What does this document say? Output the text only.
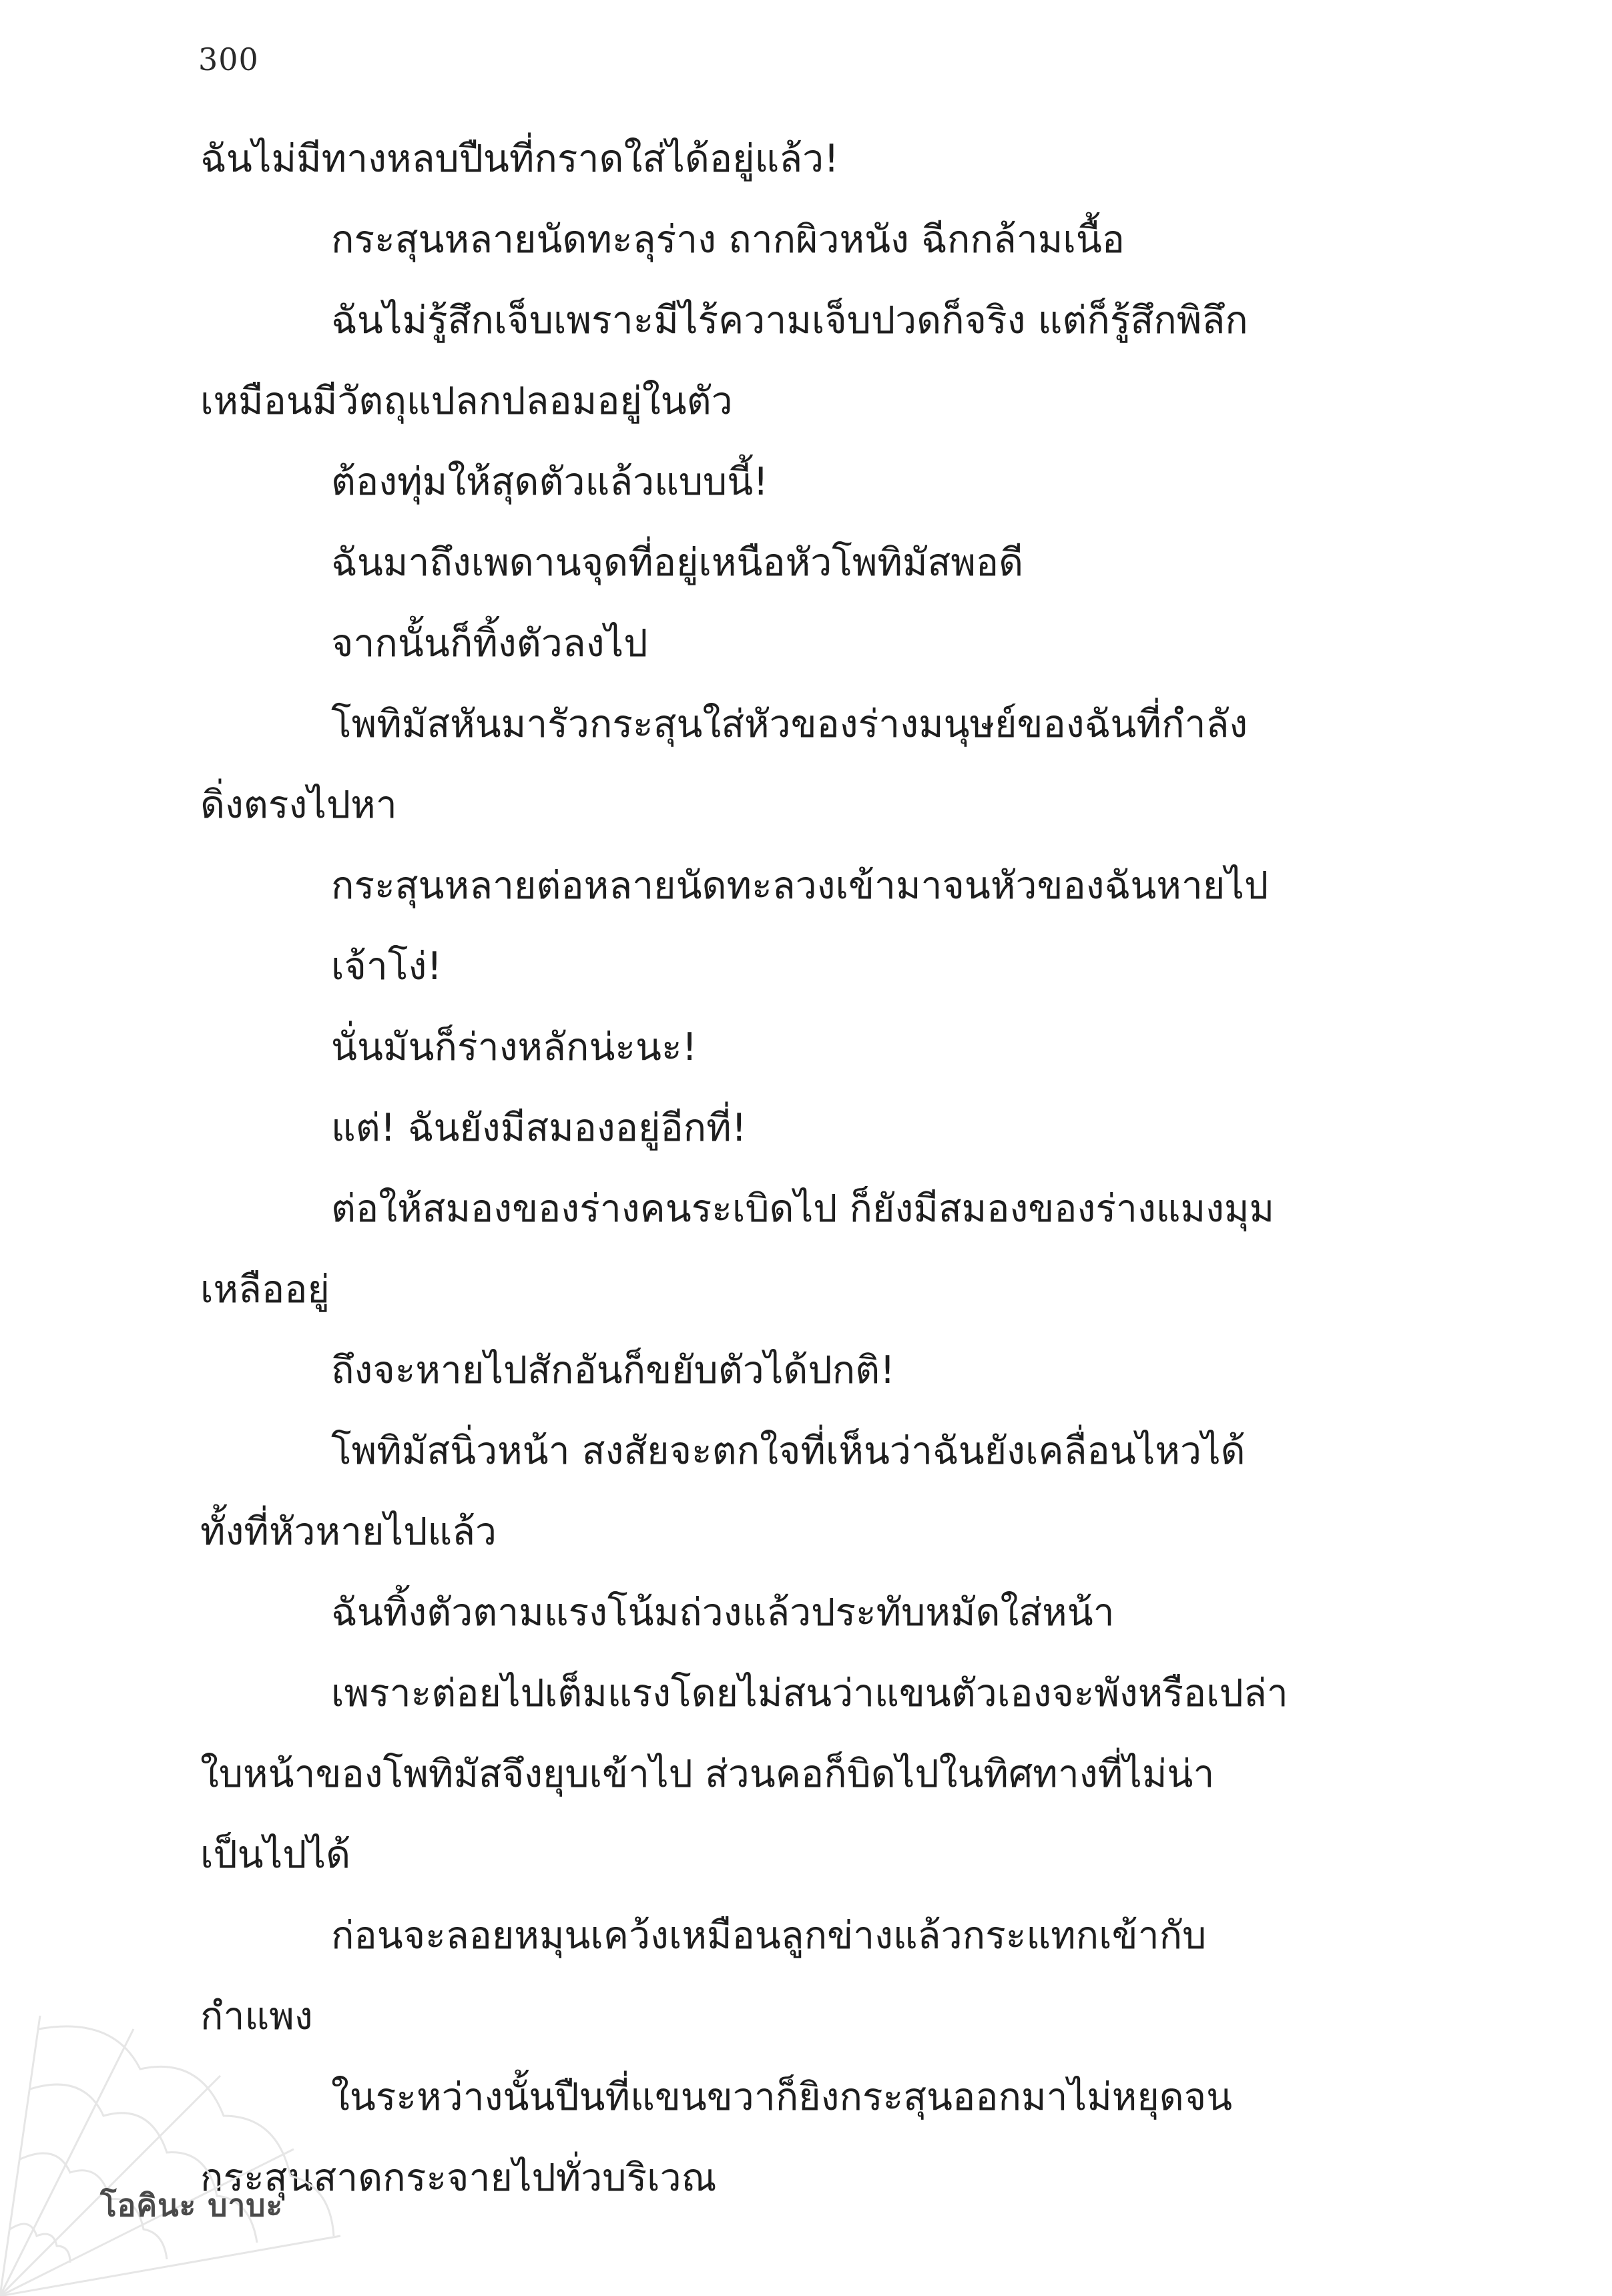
300

ฉันไม่มีทางหลบปืนที่กราดใส่ได้อยู่แล้ว!

กระสุนหลายนัดทะลุร่าง ถากผิวหนัง ฉีกกล้ามเนื้อ

ฉันไม่รู้สึกเจ็บเพราะมีไร้ความเจ็บปวดก็จริง แต่ก็รู้สึกพิลึก

เหมือนมีวัตถุแปลกปลอมอยู่ในตัว

ต้องทุ่มให้สุดตัวแล้วแบบนี้!

ฉันมาถึงเพดานจุดที่อยู่เหนือหัวโพทิมัสพอดี

จากนั้นก็ทิ้งตัวลงไป

โพทิมัสหันมารัวกระสุนใส่หัวของร่างมนุษย์ของฉันที่กำลัง

ดิ่งตรงไปหา

กระสุนหลายต่อหลายนัดทะลวงเข้ามาจนหัวของฉันหายไป

เจ้าโง่!

นั่นมันก็ร่างหลักน่ะนะ!

แต่! ฉันยังมีสมองอยู่อีกที่!

ต่อให้สมองของร่างคนระเบิดไป ก็ยังมีสมองของร่างแมงมุม

เหลืออยู่

ถึงจะหายไปสักอันก็ขยับตัวได้ปกติ!

โพทิมัสนิ่วหน้า สงสัยจะตกใจที่เห็นว่าฉันยังเคลื่อนไหวได้

ทั้งที่หัวหายไปแล้ว

ฉันทิ้งตัวตามแรงโน้มถ่วงแล้วประทับหมัดใส่หน้า

เพราะต่อยไปเต็มแรงโดยไม่สนว่าแขนตัวเองจะพังหรือเปล่า

ใบหน้าของโพทิมัสจึงยุบเข้าไป ส่วนคอก็บิดไปในทิศทางที่ไม่น่า

เป็นไปได้

ก่อนจะลอยหมุนเคว้งเหมือนลูกข่างแล้วกระแทกเข้ากับ

กำแพง

ในระหว่างนั้นปืนที่แขนขวาก็ยิงกระสุนออกมาไม่หยุดจน

กระสุนสาดกระจายไปทั่วบริเวณ

โอคินะ บาบะ
